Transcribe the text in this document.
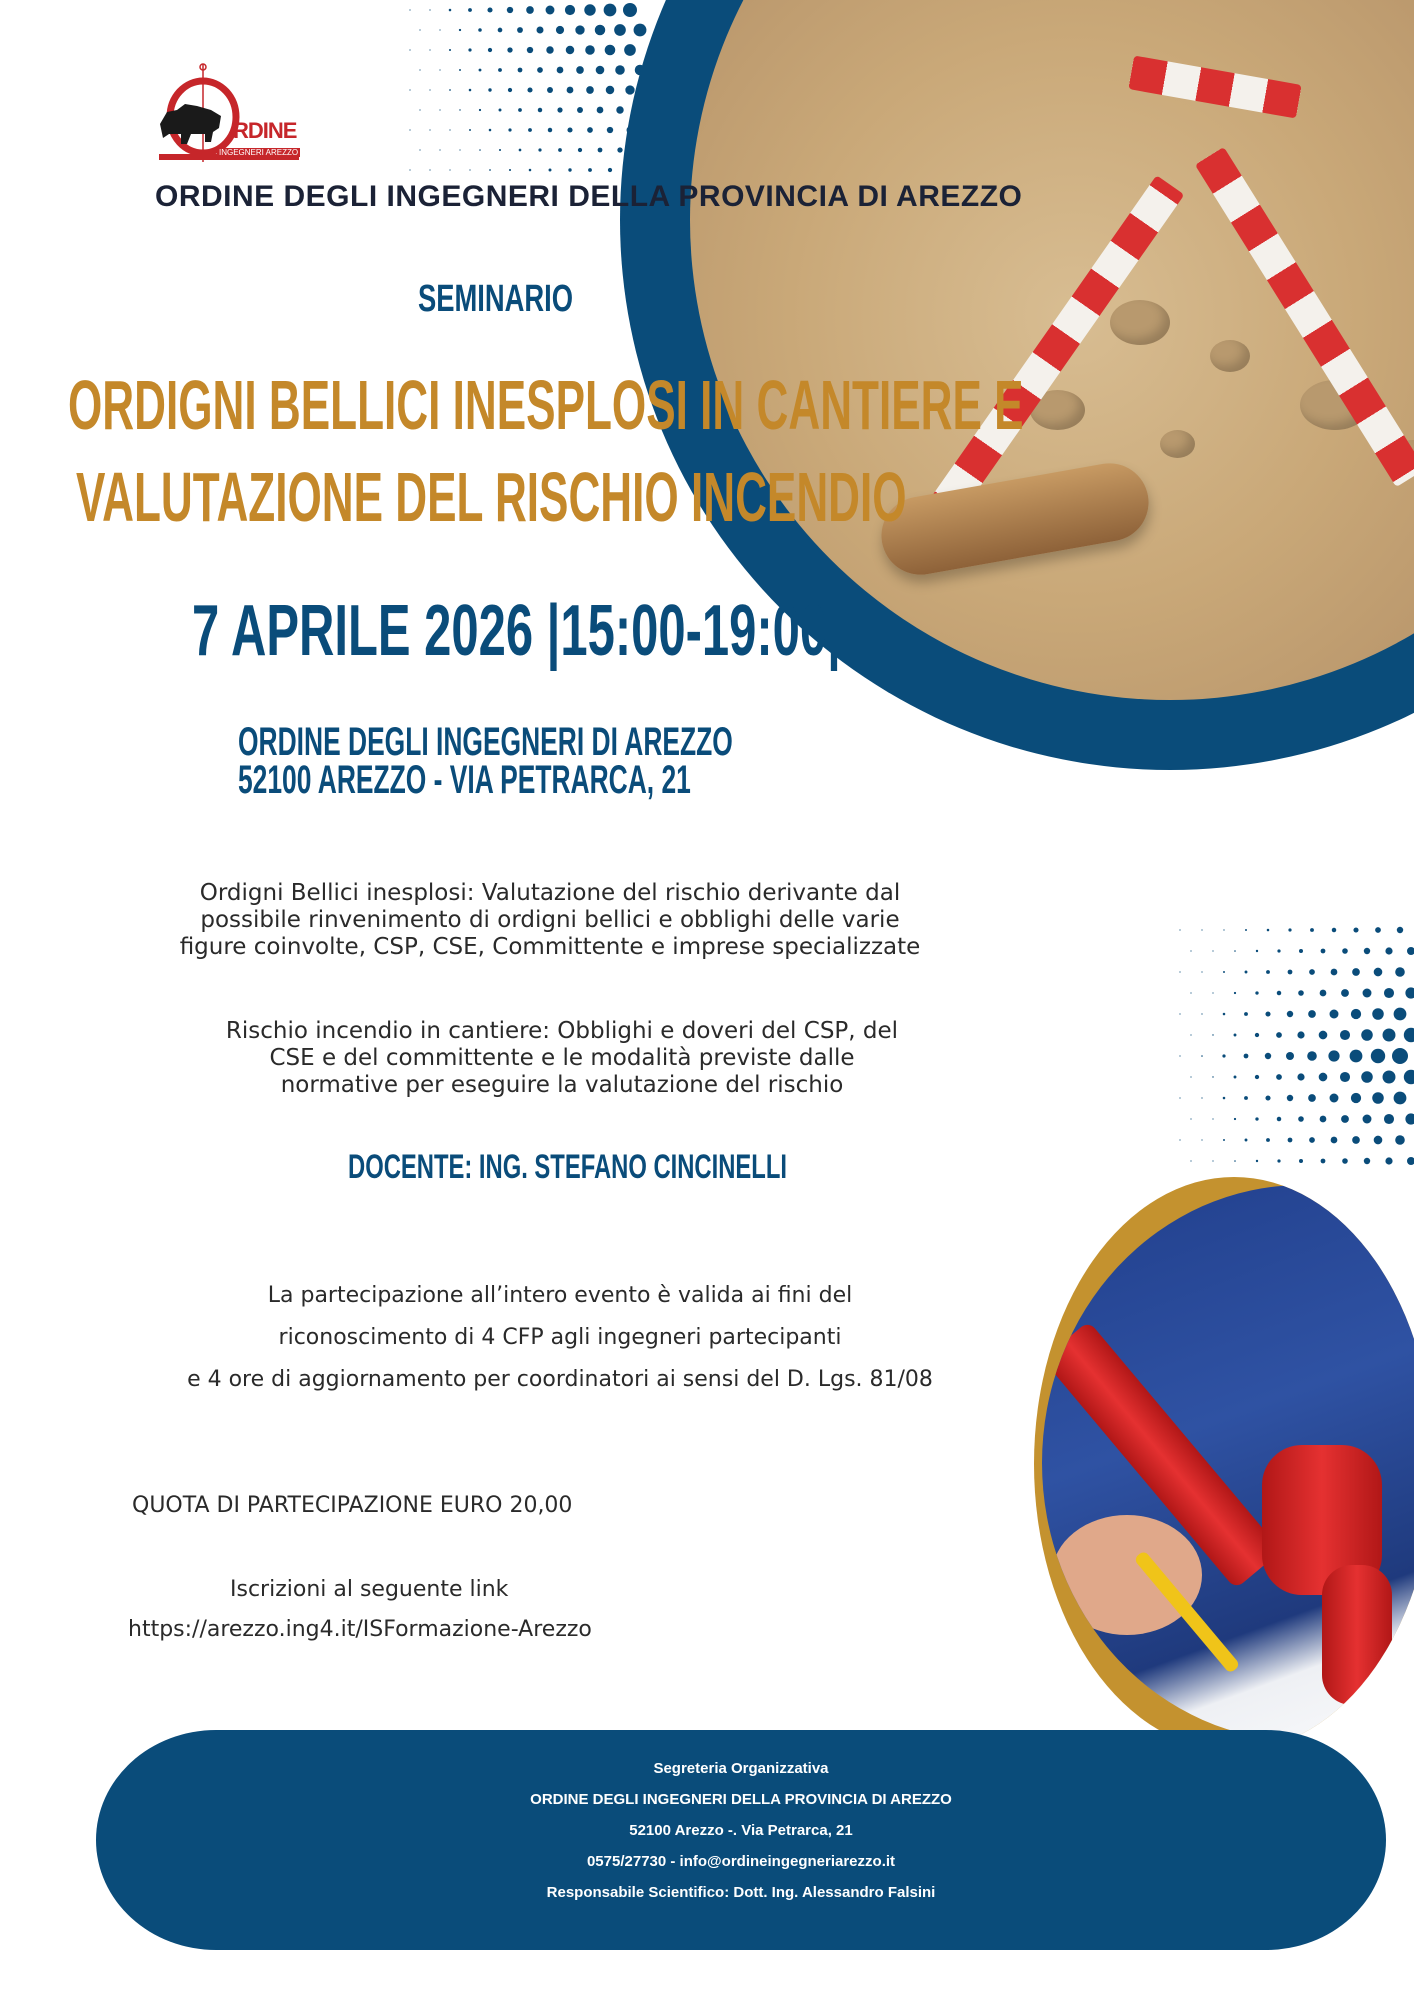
RDINE
INGEGNERI AREZZO
ORDINE DEGLI INGEGNERI DELLA PROVINCIA DI AREZZO
SEMINARIO
ORDIGNI BELLICI INESPLOSI IN CANTIERE E
VALUTAZIONE DEL RISCHIO INCENDIO
7 APRILE 2026 |15:00-19:00|
ORDINE DEGLI INGEGNERI DI AREZZO
52100 AREZZO - VIA PETRARCA, 21
Ordigni Bellici inesplosi: Valutazione del rischio derivante dal
possibile rinvenimento di ordigni bellici e obblighi delle varie
figure coinvolte, CSP, CSE, Committente e imprese specializzate
Rischio incendio in cantiere: Obblighi e doveri del CSP, del
CSE e del committente e le modalità previste dalle
normative per eseguire la valutazione del rischio
DOCENTE: ING. STEFANO CINCINELLI
La partecipazione all’intero evento è valida ai fini del
riconoscimento di 4 CFP agli ingegneri partecipanti
e 4 ore di aggiornamento per coordinatori ai sensi del D. Lgs. 81/08
QUOTA DI PARTECIPAZIONE EURO 20,00
Iscrizioni al seguente link
https://arezzo.ing4.it/ISFormazione-Arezzo
Segreteria Organizzativa
ORDINE DEGLI INGEGNERI DELLA PROVINCIA DI AREZZO
52100 Arezzo -. Via Petrarca, 21
0575/27730 - info@ordineingegneriarezzo.it
Responsabile Scientifico: Dott. Ing. Alessandro Falsini
